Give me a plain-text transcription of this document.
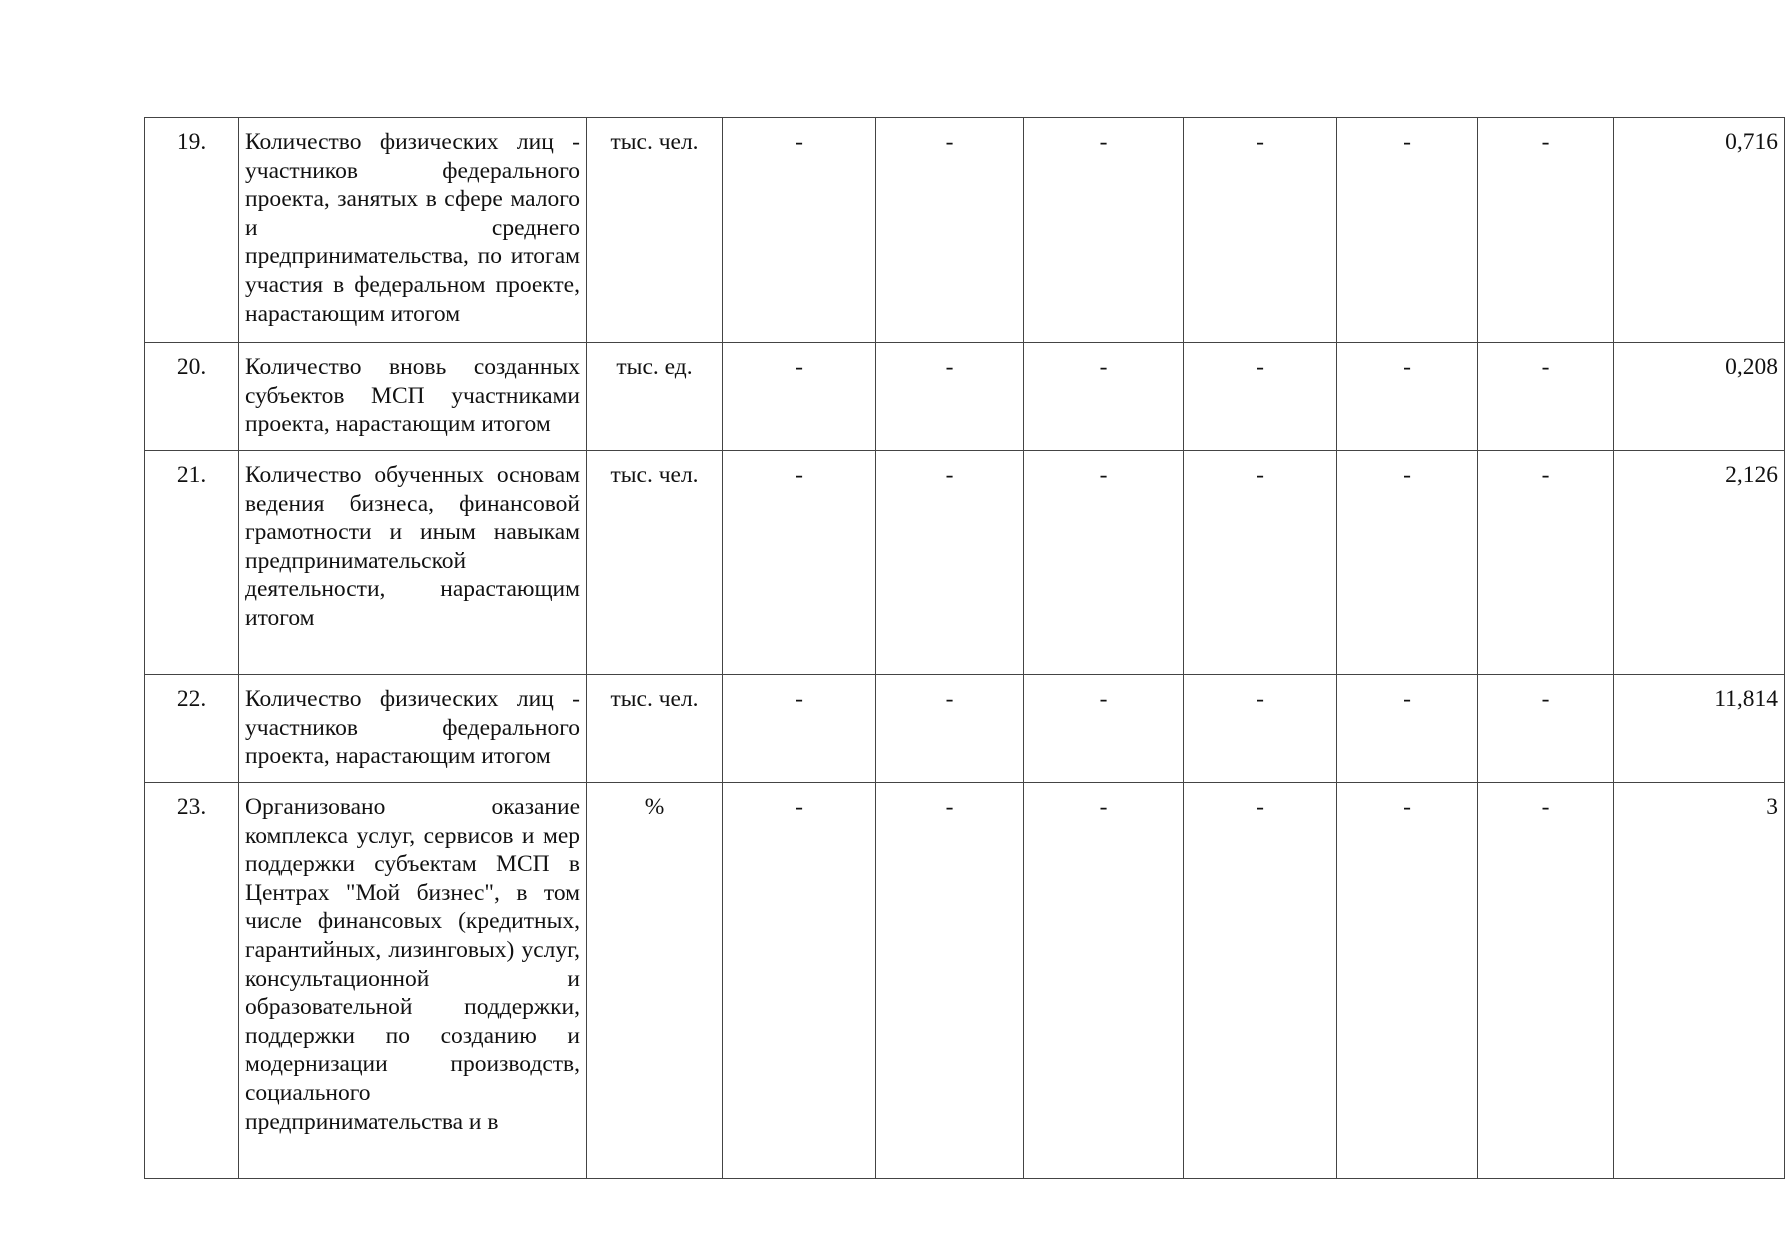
19.	Количество физических лиц - участников федерального проекта, занятых в сфере малого и среднего предпринимательства, по итогам участия в федеральном проекте, нарастающим итогом	тыс. чел.	-	-	-	-	-	-	0,716
20.	Количество вновь созданных субъектов МСП участниками проекта, нарастающим итогом	тыс. ед.	-	-	-	-	-	-	0,208
21.	Количество обученных основам ведения бизнеса, финансовой грамотности и иным навыкам предпринимательской деятельности, нарастающим итогом	тыс. чел.	-	-	-	-	-	-	2,126
22.	Количество физических лиц - участников федерального проекта, нарастающим итогом	тыс. чел.	-	-	-	-	-	-	11,814
23.	Организовано оказание комплекса услуг, сервисов и мер поддержки субъектам МСП в Центрах "Мой бизнес", в том числе финансовых (кредитных, гарантийных, лизинговых) услуг, консультационной и образовательной поддержки, поддержки по созданию и модернизации производств, социального предпринимательства и в	%	-	-	-	-	-	-	3
